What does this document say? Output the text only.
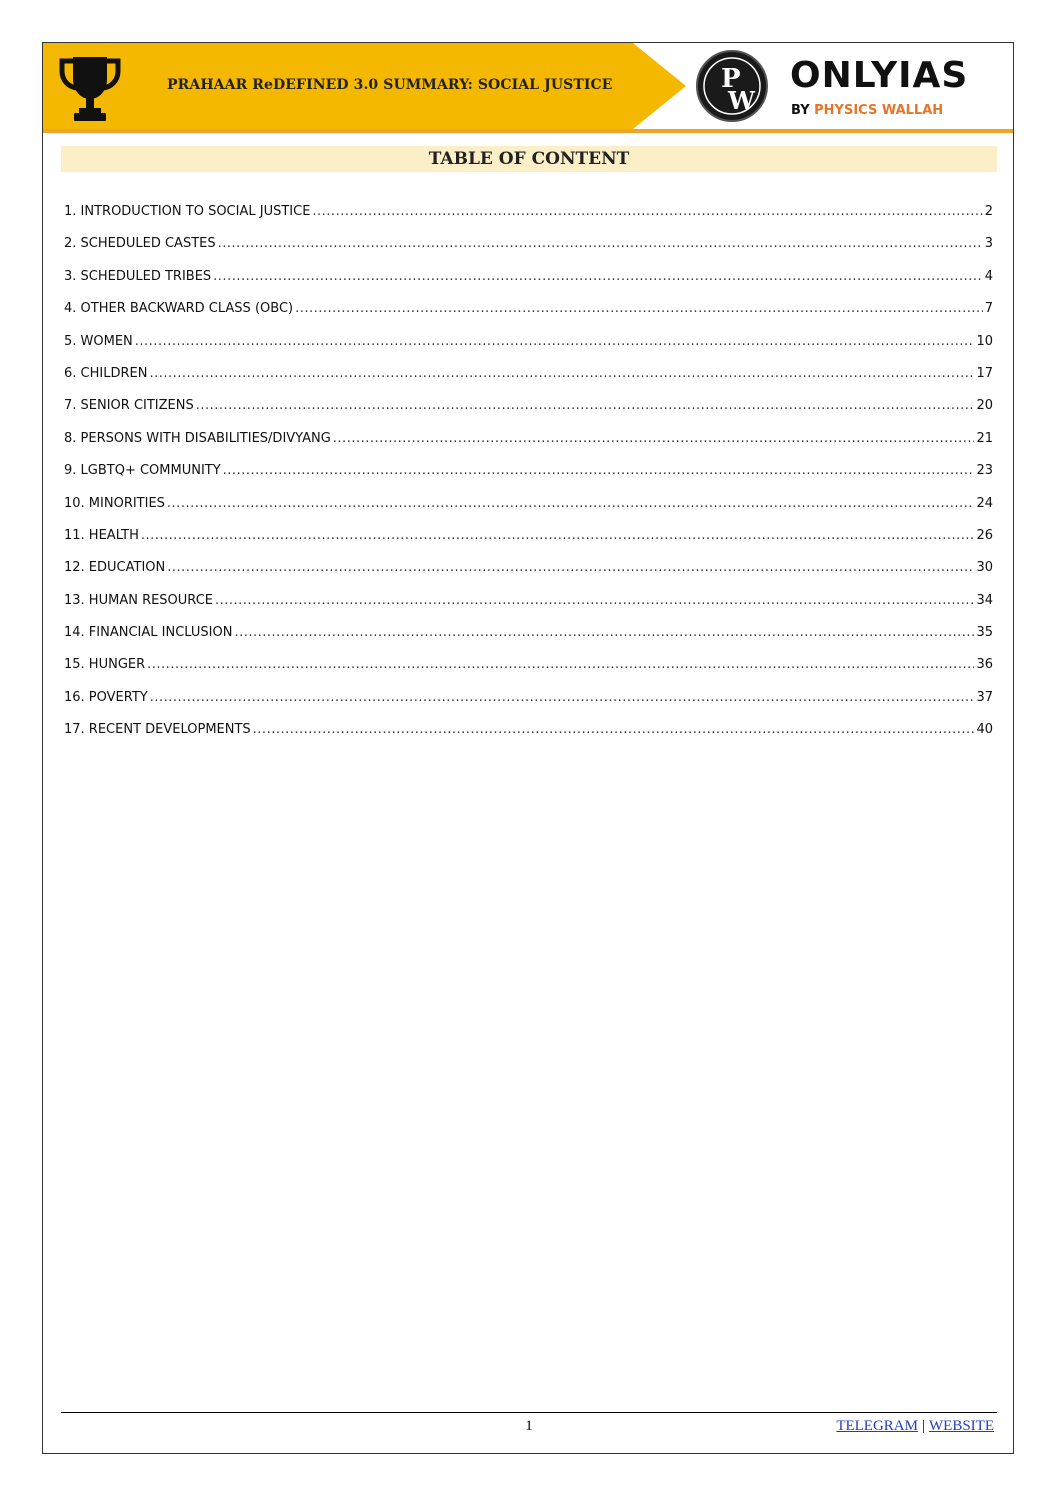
PRAHAAR ReDEFINED 3.0 SUMMARY: SOCIAL JUSTICE	P
W
ONLYIAS
BY PHYSICS WALLAH
TABLE OF CONTENT
1. INTRODUCTION TO SOCIAL JUSTICE .....	2
2. SCHEDULED CASTES .....	3
3. SCHEDULED TRIBES .....	4
4. OTHER BACKWARD CLASS (OBC) .....	7
5. WOMEN .....	10
6. CHILDREN .....	17
7. SENIOR CITIZENS .....	20
8. PERSONS WITH DISABILITIES/DIVYANG .....	21
9. LGBTQ+ COMMUNITY .....	23
10. MINORITIES .....	24
11. HEALTH .....	26
12. EDUCATION .....	30
13. HUMAN RESOURCE .....	34
14. FINANCIAL INCLUSION .....	35
15. HUNGER .....	36
16. POVERTY .....	37
17. RECENT DEVELOPMENTS .....	40
1	TELEGRAM | WEBSITE
